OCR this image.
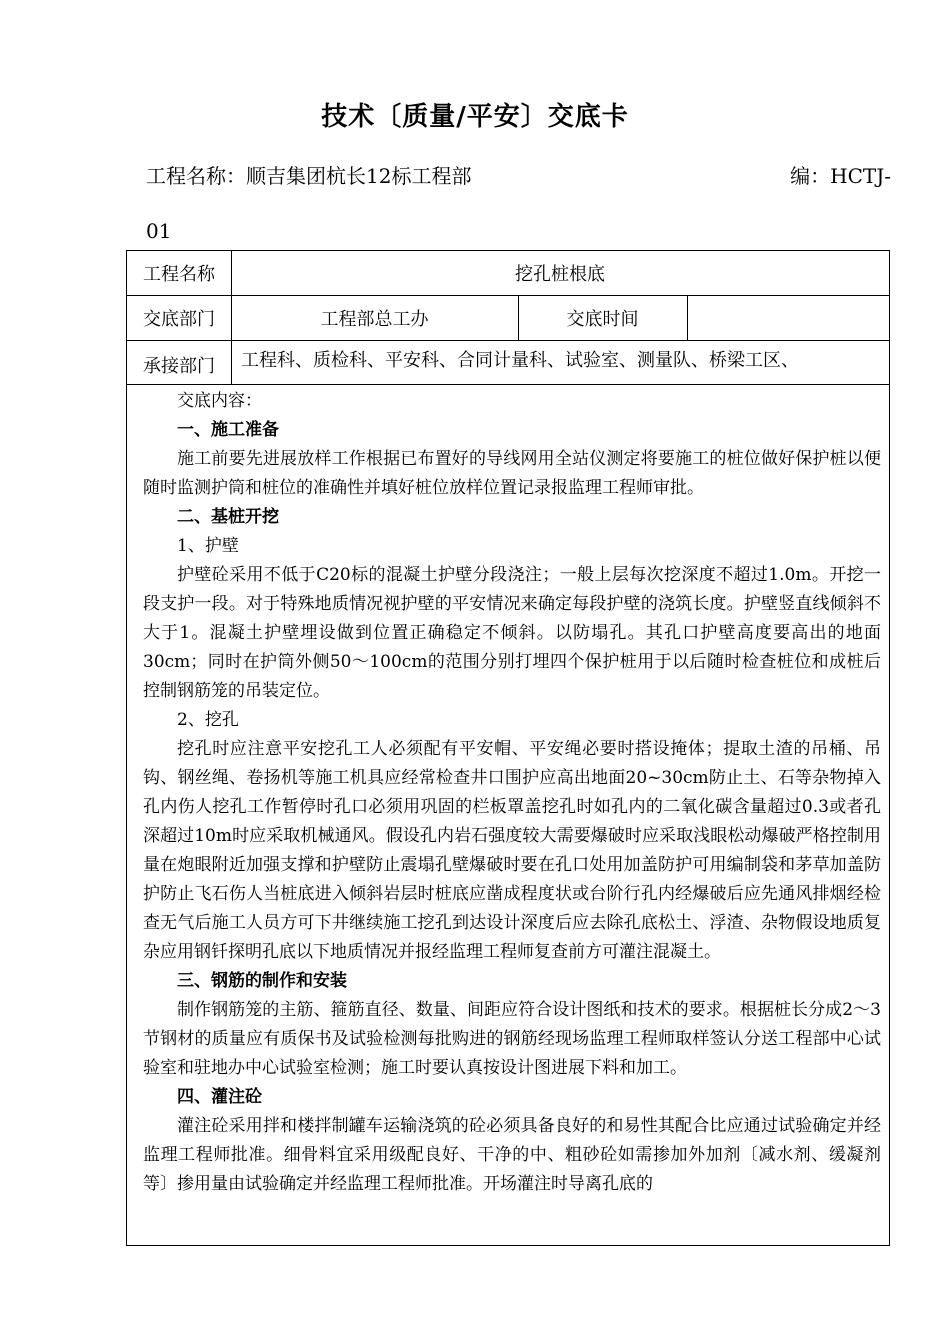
技术〔质量/平安〕交底卡
工程名称：顺吉集团杭长12标工程部	编：HCTJ-
01
工程名称	挖孔桩根底
交底部门	工程部总工办	交底时间
承接部门	工程科、质检科、平安科、合同计量科、试验室、测量队、桥梁工区、

交底内容：

一、施工准备

施工前要先进展放样工作根据已布置好的导线网用全站仪测定将要施工的桩位做好保护桩以便随时监测护筒和桩位的准确性并填好桩位放样位置记录报监理工程师审批。

二、基桩开挖

1、护壁

护壁砼采用不低于C20标的混凝土护壁分段浇注；一般上层每次挖深度不超过1.0m。开挖一段支护一段。对于特殊地质情况视护壁的平安情况来确定每段护壁的浇筑长度。护壁竖直线倾斜不大于1。混凝土护壁埋设做到位置正确稳定不倾斜。以防塌孔。其孔口护壁高度要高出的地面30cm；同时在护筒外侧50～100cm的范围分别打埋四个保护桩用于以后随时检查桩位和成桩后控制钢筋笼的吊装定位。

2、挖孔

挖孔时应注意平安挖孔工人必须配有平安帽、平安绳必要时搭设掩体；提取土渣的吊桶、吊钩、钢丝绳、卷扬机等施工机具应经常检查井口围护应高出地面20~30cm防止土、石等杂物掉入孔内伤人挖孔工作暂停时孔口必须用巩固的栏板罩盖挖孔时如孔内的二氧化碳含量超过0.3或者孔深超过10m时应采取机械通风。假设孔内岩石强度较大需要爆破时应采取浅眼松动爆破严格控制用量在炮眼附近加强支撑和护壁防止震塌孔壁爆破时要在孔口处用加盖防护可用编制袋和茅草加盖防护防止飞石伤人当桩底进入倾斜岩层时桩底应凿成程度状或台阶行孔内经爆破后应先通风排烟经检查无气后施工人员方可下井继续施工挖孔到达设计深度后应去除孔底松土、浮渣、杂物假设地质复杂应用钢钎探明孔底以下地质情况并报经监理工程师复查前方可灌注混凝土。

三、钢筋的制作和安装

制作钢筋笼的主筋、箍筋直径、数量、间距应符合设计图纸和技术的要求。根据桩长分成2～3节钢材的质量应有质保书及试验检测每批购进的钢筋经现场监理工程师取样签认分送工程部中心试验室和驻地办中心试验室检测；施工时要认真按设计图进展下料和加工。

四、灌注砼

灌注砼采用拌和楼拌制罐车运输浇筑的砼必须具备良好的和易性其配合比应通过试验确定并经监理工程师批准。细骨料宜采用级配良好、干净的中、粗砂砼如需掺加外加剂〔减水剂、缓凝剂等〕掺用量由试验确定并经监理工程师批准。开场灌注时导离孔底的
